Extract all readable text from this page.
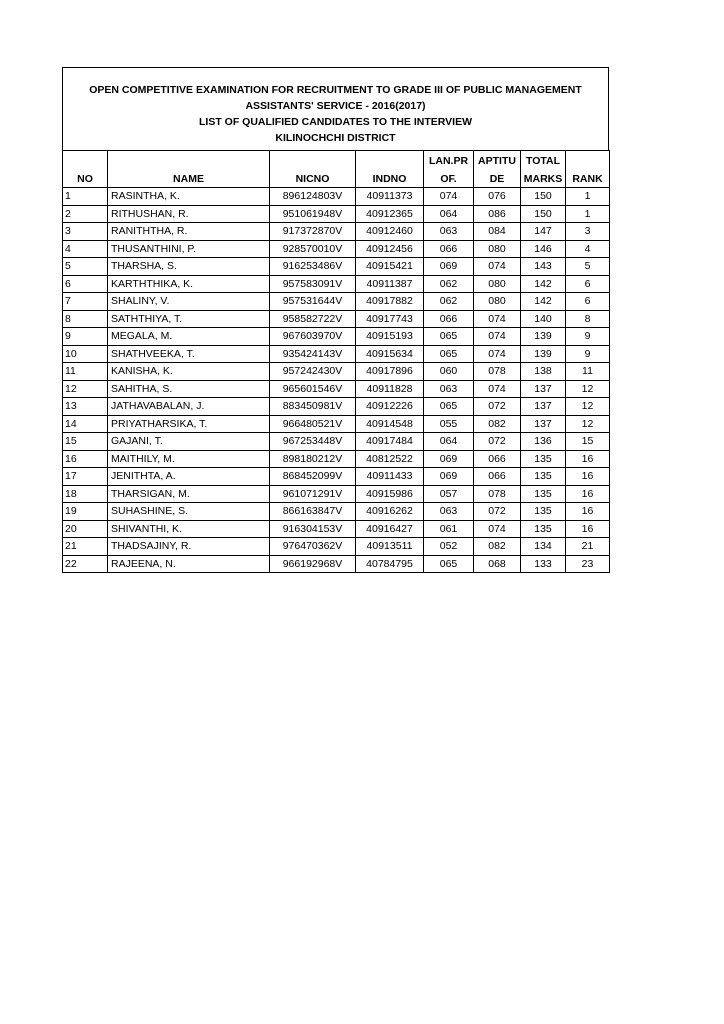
OPEN COMPETITIVE EXAMINATION FOR RECRUITMENT TO GRADE III OF PUBLIC MANAGEMENT
ASSISTANTS' SERVICE - 2016(2017)
LIST OF QUALIFIED CANDIDATES TO THE INTERVIEW
KILINOCHCHI DISTRICT
				LAN.PR	APTITU	TOTAL	
NO	NAME	NICNO	INDNO	OF.	DE	MARKS	RANK
1	RASINTHA, K.	896124803V	40911373	074	076	150	1
2	RITHUSHAN, R.	951061948V	40912365	064	086	150	1
3	RANITHTHA, R.	917372870V	40912460	063	084	147	3
4	THUSANTHINI, P.	928570010V	40912456	066	080	146	4
5	THARSHA, S.	916253486V	40915421	069	074	143	5
6	KARTHTHIKA, K.	957583091V	40911387	062	080	142	6
7	SHALINY, V.	957531644V	40917882	062	080	142	6
8	SATHTHIYA, T.	958582722V	40917743	066	074	140	8
9	MEGALA, M.	967603970V	40915193	065	074	139	9
10	SHATHVEEKA, T.	935424143V	40915634	065	074	139	9
11	KANISHA, K.	957242430V	40917896	060	078	138	11
12	SAHITHA, S.	965601546V	40911828	063	074	137	12
13	JATHAVABALAN, J.	883450981V	40912226	065	072	137	12
14	PRIYATHARSIKA, T.	966480521V	40914548	055	082	137	12
15	GAJANI, T.	967253448V	40917484	064	072	136	15
16	MAITHILY, M.	898180212V	40812522	069	066	135	16
17	JENITHTA, A.	868452099V	40911433	069	066	135	16
18	THARSIGAN, M.	961071291V	40915986	057	078	135	16
19	SUHASHINE, S.	866163847V	40916262	063	072	135	16
20	SHIVANTHI, K.	916304153V	40916427	061	074	135	16
21	THADSAJINY, R.	976470362V	40913511	052	082	134	21
22	RAJEENA, N.	966192968V	40784795	065	068	133	23
